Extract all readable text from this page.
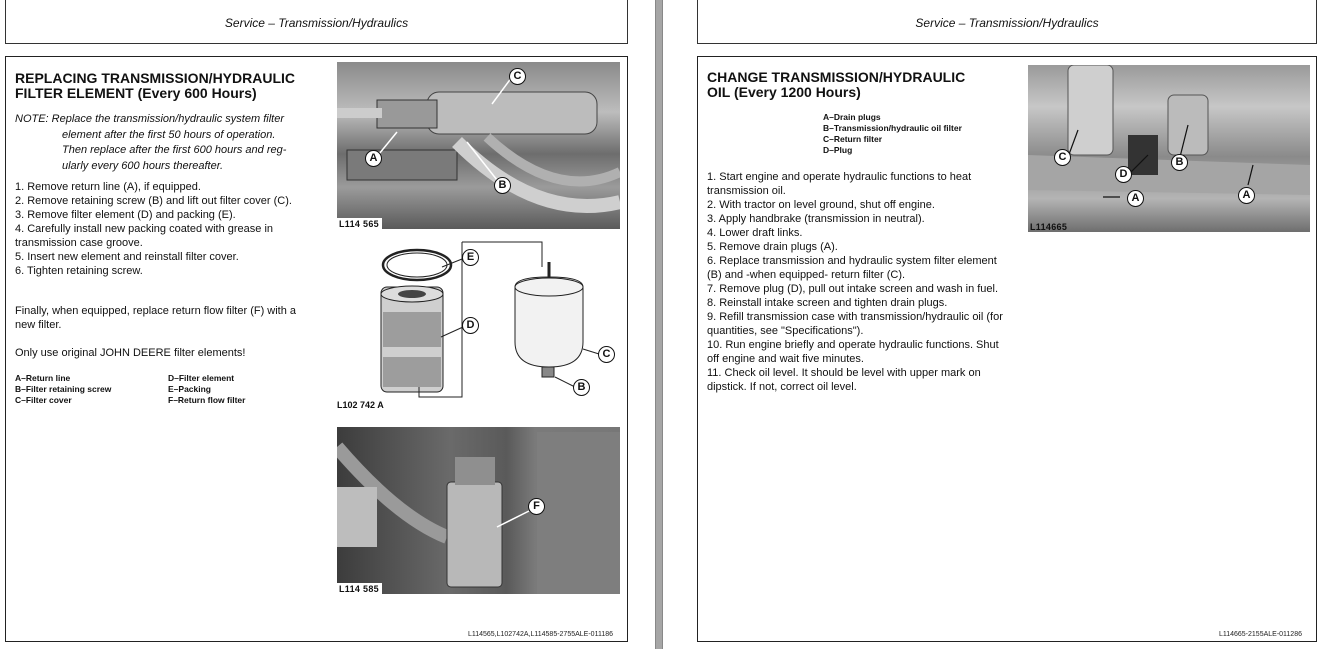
Service – Transmission/Hydraulics
REPLACING TRANSMISSION/HYDRAULIC
FILTER ELEMENT (Every 600 Hours)
NOTE: Replace the transmission/hydraulic system filter
element after the first 50 hours of operation.
Then replace after the first 600 hours and reg-
ularly every 600 hours thereafter.
1. Remove return line (A), if equipped.
2. Remove retaining screw (B) and lift out filter cover (C).
3. Remove filter element (D) and packing (E).
4. Carefully install new packing coated with grease in transmission case groove.
5. Insert new element and reinstall filter cover.
6. Tighten retaining screw.
Finally, when equipped, replace return flow filter (F) with a new filter.
Only use original JOHN DEERE filter elements!
A–Return line
B–Filter retaining screw
C–Filter cover
D–Filter element
E–Packing
F–Return flow filter
A
B
C
L114 565
E
D
C
B
L102 742 A
F
L114 585
L114565,L102742A,L114585-2755ALE-011186
Service – Transmission/Hydraulics
CHANGE TRANSMISSION/HYDRAULIC
OIL (Every 1200 Hours)
A–Drain plugs
B–Transmission/hydraulic oil filter
C–Return filter
D–Plug
1. Start engine and operate hydraulic functions to heat transmission oil.
2. With tractor on level ground, shut off engine.
3. Apply handbrake (transmission in neutral).
4. Lower draft links.
5. Remove drain plugs (A).
6. Replace transmission and hydraulic system filter element (B) and -when equipped- return filter (C).
7. Remove plug (D), pull out intake screen and wash in fuel.
8. Reinstall intake screen and tighten drain plugs.
9. Refill transmission case with transmission/hydraulic oil (for quantities, see "Specifications").
10. Run engine briefly and operate hydraulic functions. Shut off engine and wait five minutes.
11. Check oil level. It should be level with upper mark on dipstick. If not, correct oil level.
C
D
B
A	A
L114665
L114665-2155ALE-011286
